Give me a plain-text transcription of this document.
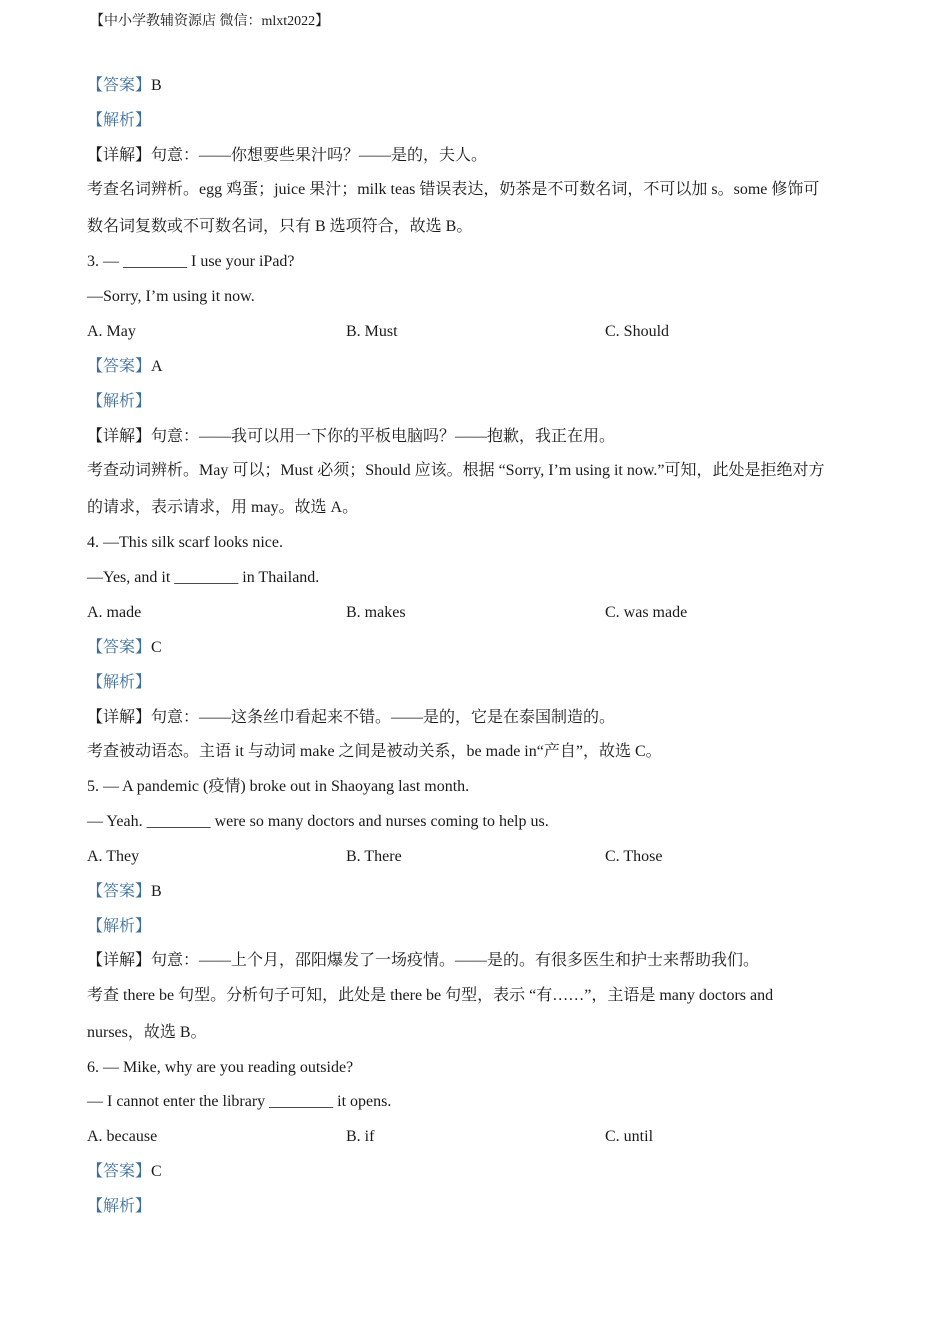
【中小学教辅资源店 微信：mlxt2022】
【答案】B
【解析】
【详解】句意：——你想要些果汁吗？——是的，夫人。
考查名词辨析。egg 鸡蛋；juice 果汁；milk teas 错误表达，奶茶是不可数名词，不可以加 s。some 修饰可
数名词复数或不可数名词，只有 B 选项符合，故选 B。
3. — ________ I use your iPad?
—Sorry, I’m using it now.
A. May	B. Must	C. Should
【答案】A
【解析】
【详解】句意：——我可以用一下你的平板电脑吗？——抱歉，我正在用。
考查动词辨析。May 可以；Must 必须；Should 应该。根据 “Sorry, I’m using it now.”可知，此处是拒绝对方
的请求，表示请求，用 may。故选 A。
4. —This silk scarf looks nice.
—Yes, and it ________ in Thailand.
A. made	B. makes	C. was made
【答案】C
【解析】
【详解】句意：——这条丝巾看起来不错。——是的，它是在泰国制造的。
考查被动语态。主语 it 与动词 make 之间是被动关系，be made in“产自”，故选 C。
5. — A pandemic (疫情) broke out in Shaoyang last month.
— Yeah. ________ were so many doctors and nurses coming to help us.
A. They	B. There	C. Those
【答案】B
【解析】
【详解】句意：——上个月，邵阳爆发了一场疫情。——是的。有很多医生和护士来帮助我们。
考查 there be 句型。分析句子可知，此处是 there be 句型，表示 “有……”，主语是 many doctors and
nurses，故选 B。
6. — Mike, why are you reading outside?
— I cannot enter the library ________ it opens.
A. because	B. if	C. until
【答案】C
【解析】
